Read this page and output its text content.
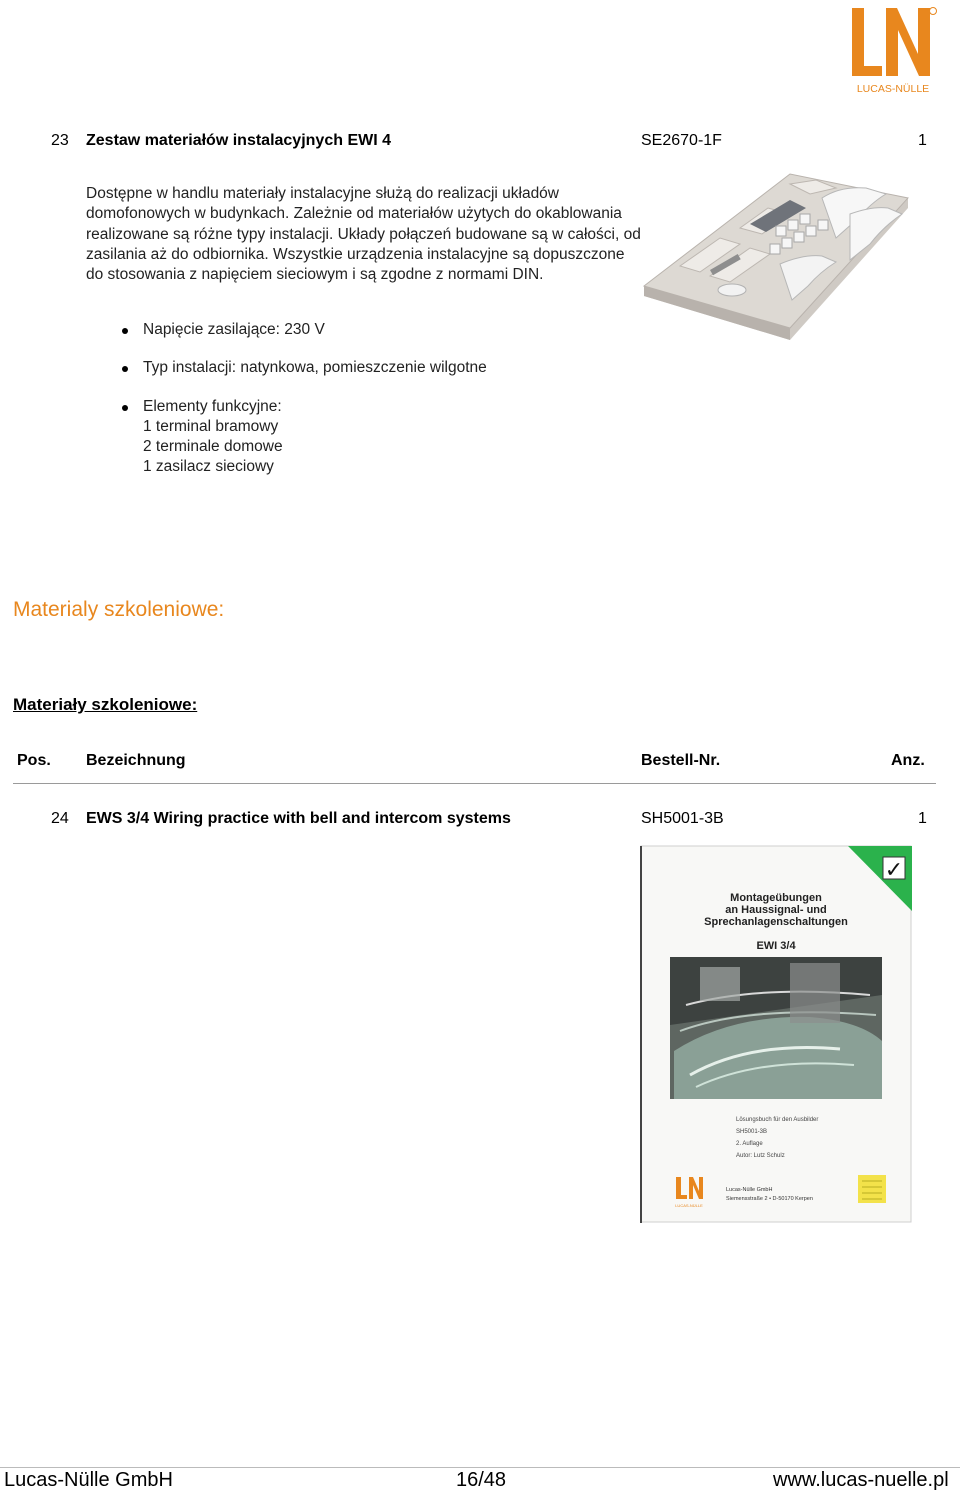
LUCAS-NÜLLE
23 Zestaw materiałów instalacyjnych EWI 4	SE2670-1F	1
Dostępne w handlu materiały instalacyjne służą do realizacji układów domofonowych w budynkach. Zależnie od materiałów użytych do okablowania realizowane są różne typy instalacji. Układy połączeń budowane są w całości, od zasilania aż do odbiornika. Wszystkie urządzenia instalacyjne są dopuszczone do stosowania z napięciem sieciowym i są zgodne z normami DIN.
Napięcie zasilające: 230 V
Typ instalacji: natynkowa, pomieszczenie wilgotne
Elementy funkcyjne:
1 terminal bramowy
2 terminale domowe
1 zasilacz sieciowy
Materialy szkoleniowe:
Materiały szkoleniowe:
Pos. Bezeichnung	Bestell-Nr.	Anz.
24 EWS 3/4 Wiring practice with bell and intercom systems	SH5001-3B	1
✓
Montageübungen
an Haussignal- und
Sprechanlagenschaltungen
EWI 3/4
Lösungsbuch für den Ausbilder
SH5001-3B
2. Auflage
Autor: Lutz Schulz
LUCAS-NÜLLE
Lucas-Nülle GmbH
Siemensstraße 2 • D-50170 Kerpen
Lucas-Nülle GmbH	16/48	www.lucas-nuelle.pl
